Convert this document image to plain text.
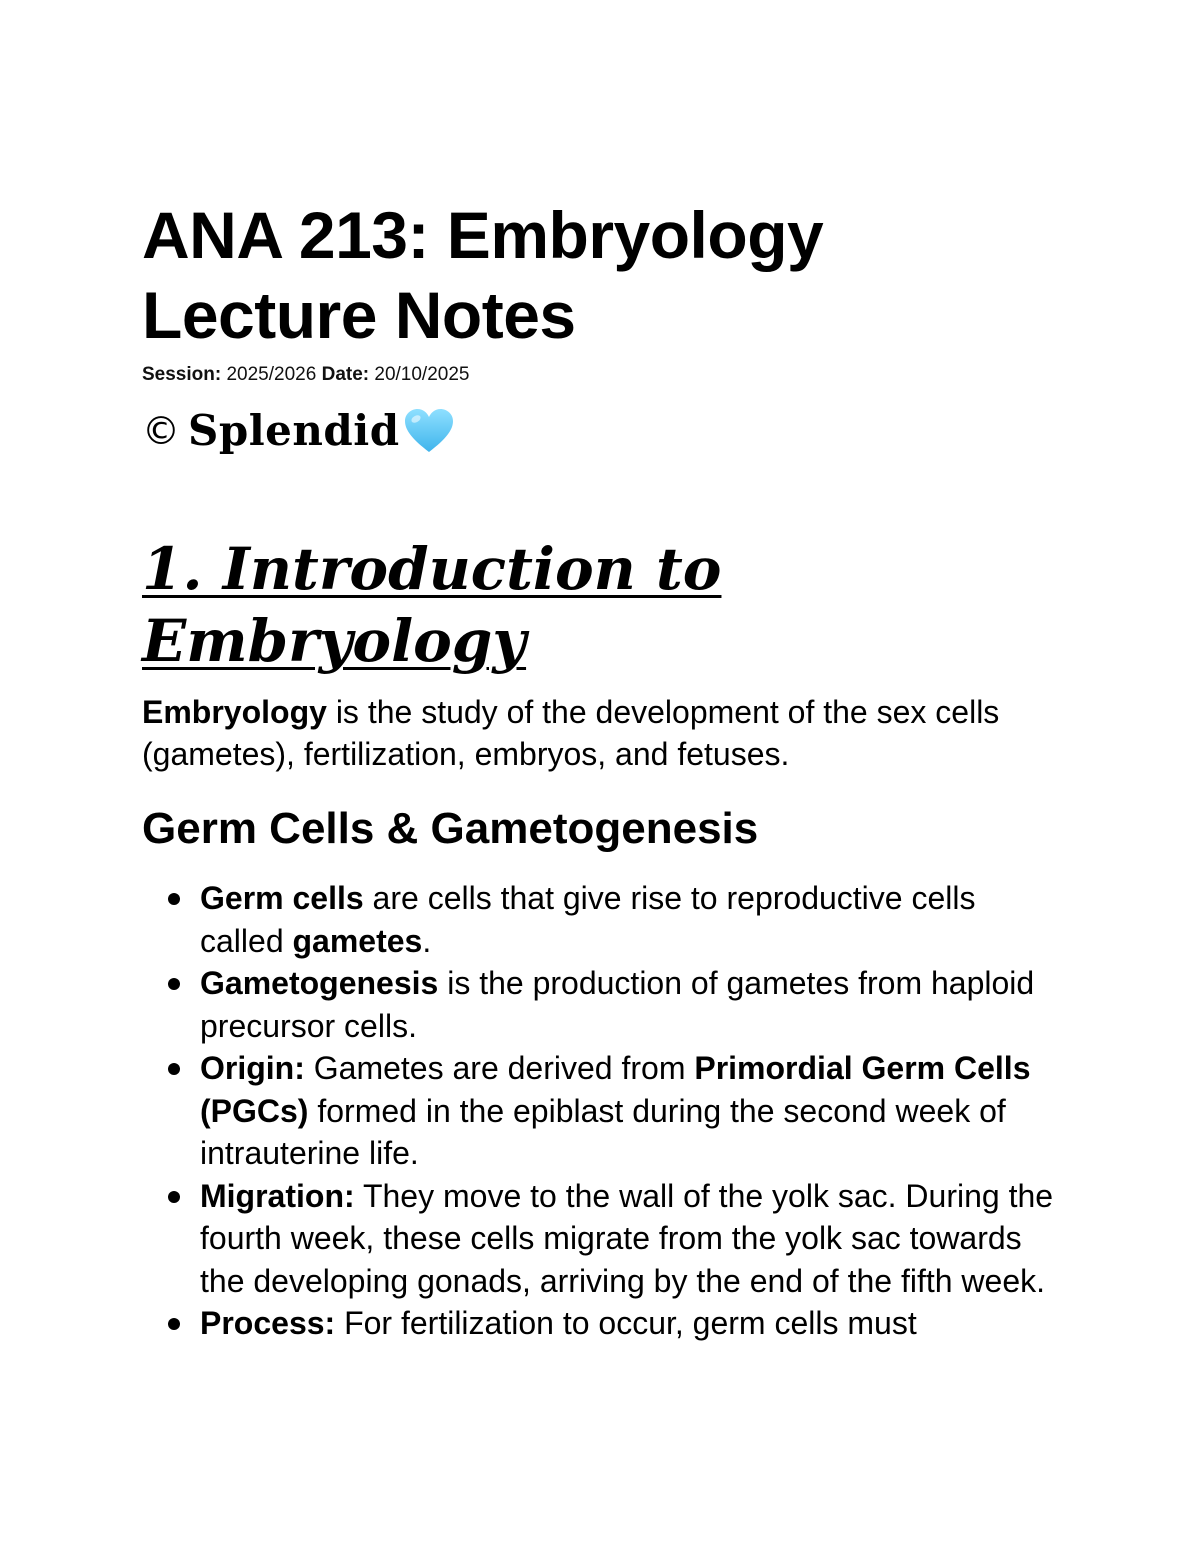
ANA 213: Embryology Lecture Notes

Session: 2025/2026 Date: 20/10/2025

© Splendid
1. Introduction to Embryology

Embryology is the study of the development of the sex cells (gametes), fertilization, embryos, and fetuses.

Germ Cells & Gametogenesis
Germ cells are cells that give rise to reproductive cells called gametes.
Gametogenesis is the production of gametes from haploid precursor cells.
Origin: Gametes are derived from Primordial Germ Cells (PGCs) formed in the epiblast during the second week of intrauterine life.
Migration: They move to the wall of the yolk sac. During the fourth week, these cells migrate from the yolk sac towards the developing gonads, arriving by the end of the fifth week.
Process: For fertilization to occur, germ cells must
